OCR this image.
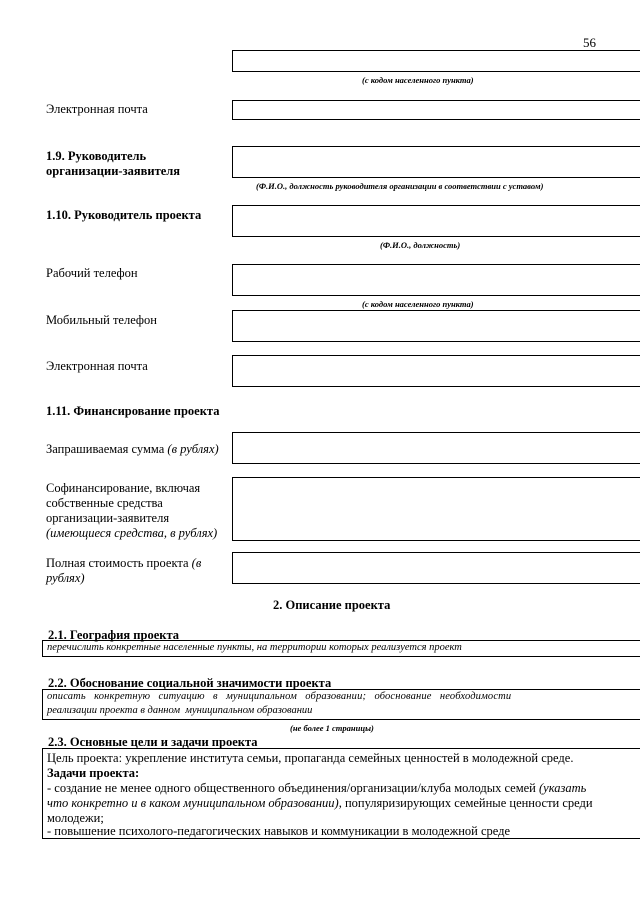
56
(с кодом населенного пункта)
Электронная почта
1.9. Руководитель
организации-заявителя
(Ф.И.О., должность руководителя организации в соответствии с уставом)
1.10. Руководитель проекта
(Ф.И.О., должность)
Рабочий телефон
(с кодом населенного пункта)
Мобильный телефон
Электронная почта
1.11. Финансирование проекта
Запрашиваемая сумма (в рублях)
Софинансирование, включая
собственные средства
организации-заявителя
(имеющиеся средства, в рублях)
Полная стоимость проекта (в
рублях)
2. Описание проекта
2.1. География проекта
перечислить конкретные населенные пункты, на территории которых реализуется проект
2.2. Обоснование социальной значимости проекта
описать   конкретную   ситуацию   в   муниципальном   образовании;   обоснование   необходимости
реализации проекта в данном  муниципальном образовании
(не более 1 страницы)
2.3. Основные цели и задачи проекта
Цель проекта: укрепление института семьи, пропаганда семейных ценностей в молодежной среде.
Задачи проекта:
- создание не менее одного общественного объединения/организации/клуба молодых семей (указать
что конкретно и в каком муниципальном образовании), популяризирующих семейные ценности среди
молодежи;
- повышение психолого-педагогических навыков и коммуникации в молодежной среде
